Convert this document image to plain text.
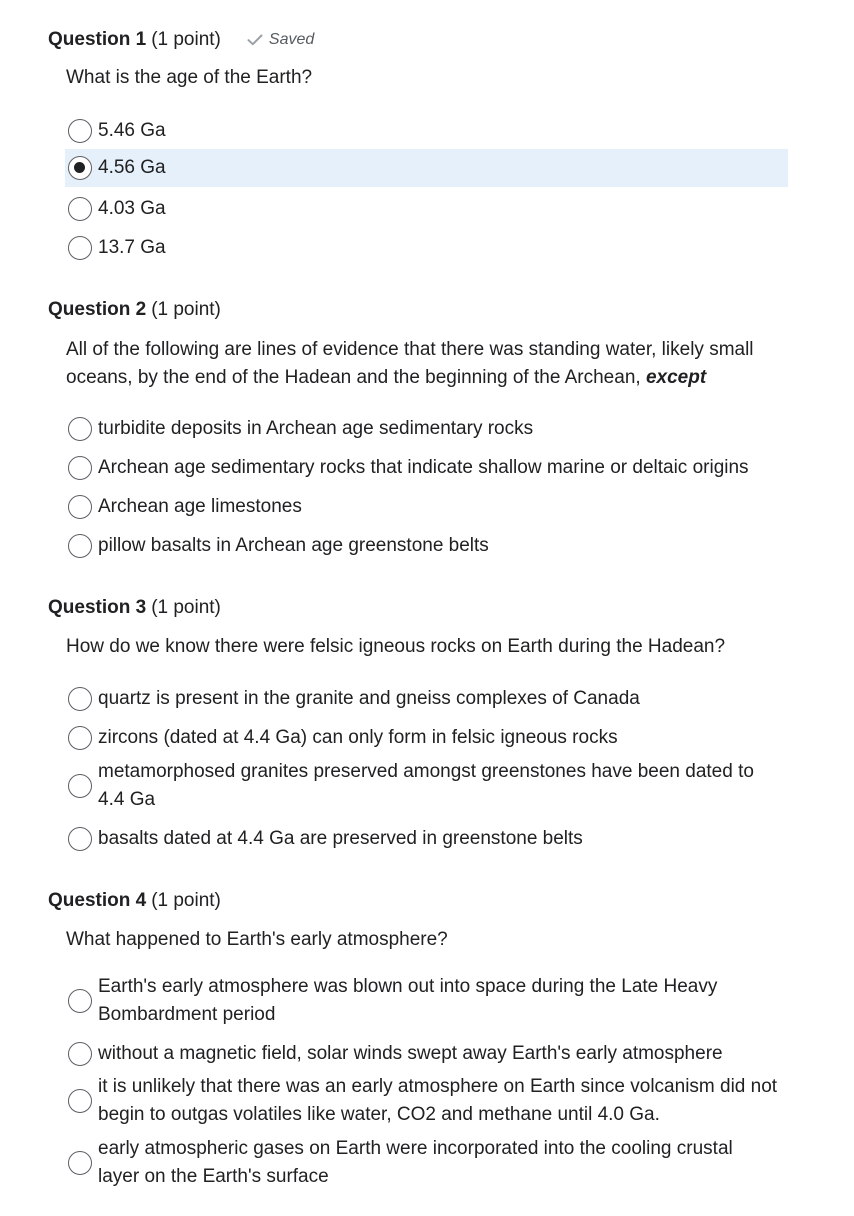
Question 1 (1 point)	Saved
What is the age of the Earth?
5.46 Ga
4.56 Ga
4.03 Ga
13.7 Ga
Question 2 (1 point)
All of the following are lines of evidence that there was standing water, likely small oceans, by the end of the Hadean and the beginning of the Archean, except
turbidite deposits in Archean age sedimentary rocks
Archean age sedimentary rocks that indicate shallow marine or deltaic origins
Archean age limestones
pillow basalts in Archean age greenstone belts
Question 3 (1 point)
How do we know there were felsic igneous rocks on Earth during the Hadean?
quartz is present in the granite and gneiss complexes of Canada
zircons (dated at 4.4 Ga) can only form in felsic igneous rocks
metamorphosed granites preserved amongst greenstones have been dated to 4.4 Ga
basalts dated at 4.4 Ga are preserved in greenstone belts
Question 4 (1 point)
What happened to Earth's early atmosphere?
Earth's early atmosphere was blown out into space during the Late Heavy Bombardment period
without a magnetic field, solar winds swept away Earth's early atmosphere
it is unlikely that there was an early atmosphere on Earth since volcanism did not begin to outgas volatiles like water, CO2 and methane until 4.0 Ga.
early atmospheric gases on Earth were incorporated into the cooling crustal layer on the Earth's surface
